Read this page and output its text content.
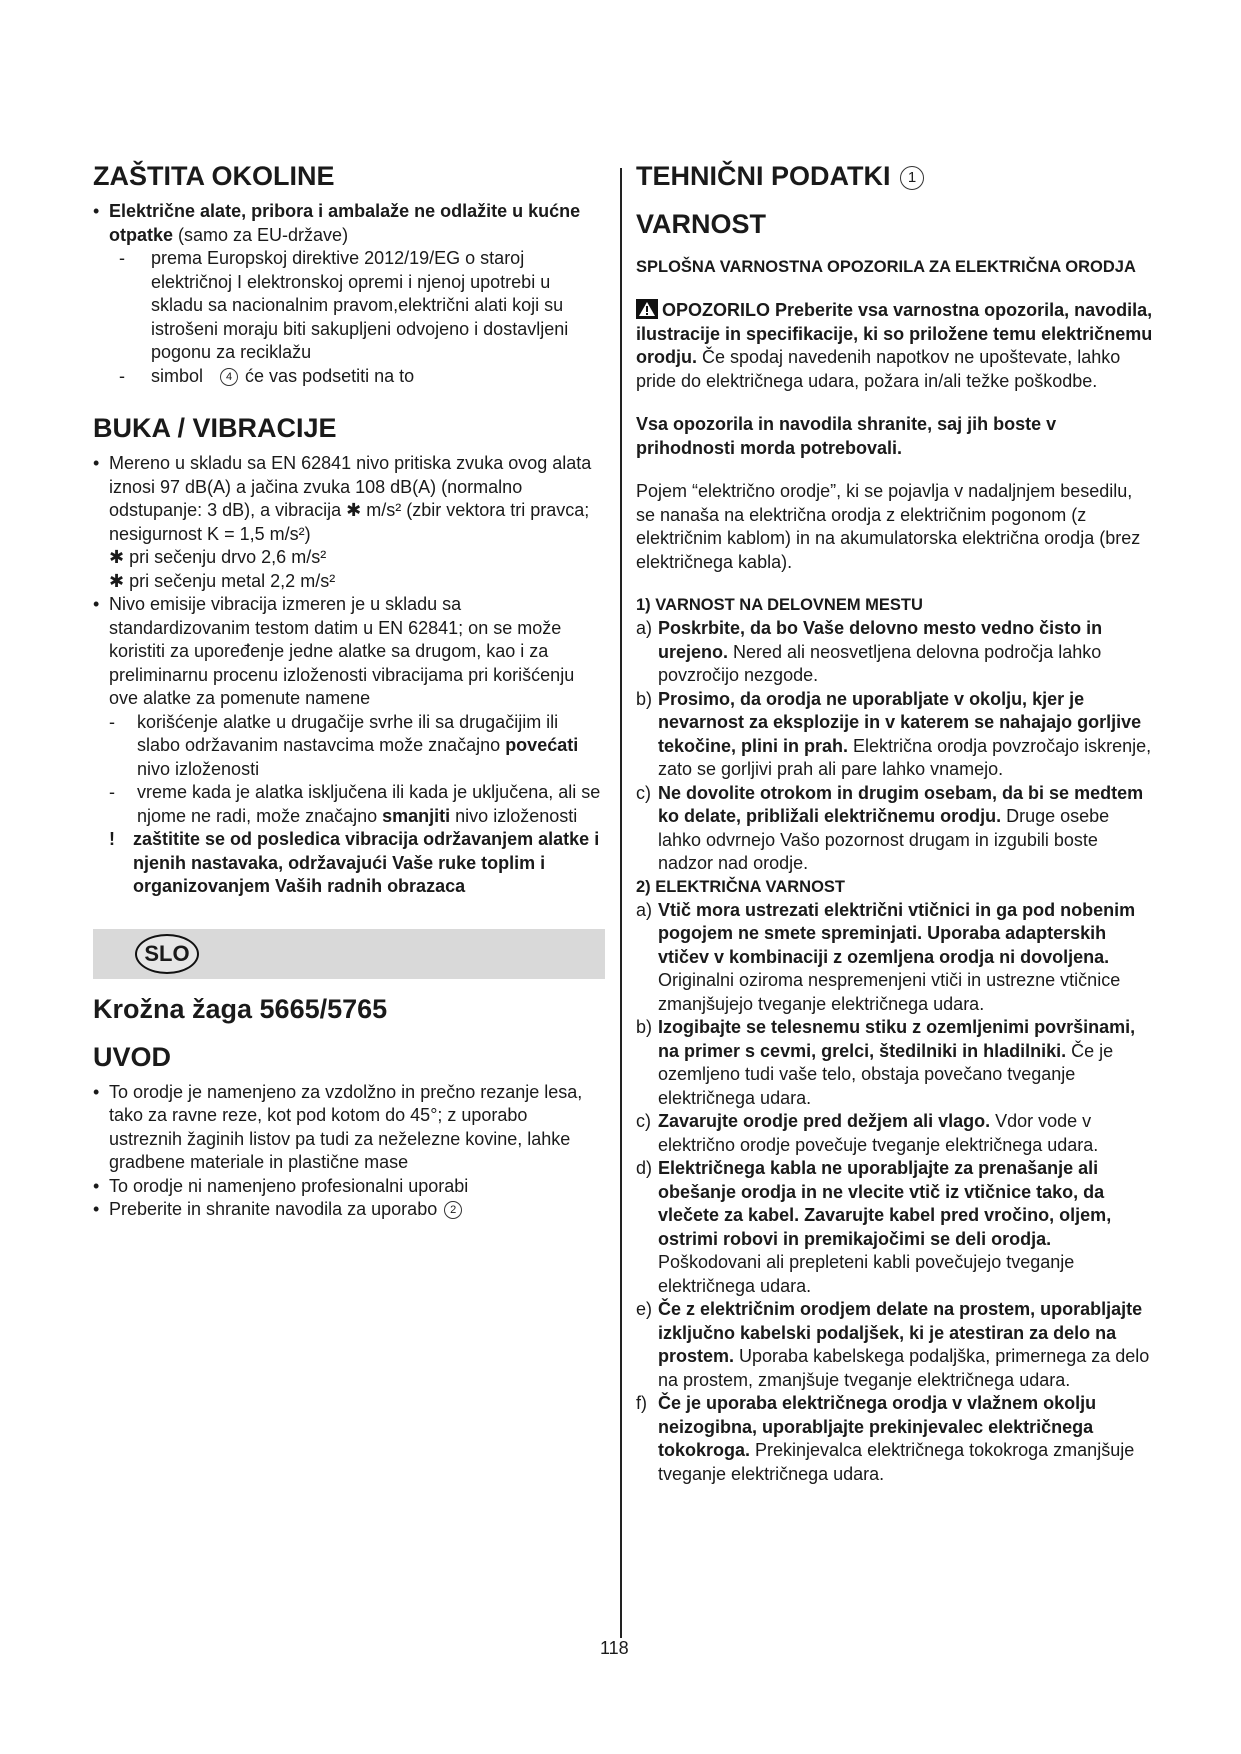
ZAŠTITA OKOLINE
• Električne alate, pribora i ambalaže ne odlažite u kućne otpatke (samo za EU-države)
- prema Europskoj direktive 2012/19/EG o staroj električnoj I elektronskoj opremi i njenoj upotrebi u skladu sa nacionalnim pravom,električni alati koji su istrošeni moraju biti sakupljeni odvojeno i dostavljeni pogonu za reciklažu
- simbol 4 će vas podsetiti na to
BUKA / VIBRACIJE
• Mereno u skladu sa EN 62841 nivo pritiska zvuka ovog alata iznosi 97 dB(A) a jačina zvuka 108 dB(A) (normalno odstupanje: 3 dB), a vibracija ✱ m/s² (zbir vektora tri pravca; nesigurnost K = 1,5 m/s²)
✱ pri sečenju drvo 2,6 m/s²
✱ pri sečenju metal 2,2 m/s²
• Nivo emisije vibracija izmeren je u skladu sa standardizovanim testom datim u EN 62841; on se može koristiti za upoređenje jedne alatke sa drugom, kao i za preliminarnu procenu izloženosti vibracijama pri korišćenju ove alatke za pomenute namene
- korišćenje alatke u drugačije svrhe ili sa drugačijim ili slabo održavanim nastavcima može značajno povećati nivo izloženosti
- vreme kada je alatka isključena ili kada je uključena, ali se njome ne radi, može značajno smanjiti nivo izloženosti
! zaštitite se od posledica vibracija održavanjem alatke i njenih nastavaka, održavajući Vaše ruke toplim i organizovanjem Vaših radnih obrazaca
SLO
Krožna žaga 5665/5765
UVOD
• To orodje je namenjeno za vzdolžno in prečno rezanje lesa, tako za ravne reze, kot pod kotom do 45°; z uporabo ustreznih žaginih listov pa tudi za neželezne kovine, lahke gradbene materiale in plastične mase
• To orodje ni namenjeno profesionalni uporabi
• Preberite in shranite navodila za uporabo 2
TEHNIČNI PODATKI 1
VARNOST
SPLOŠNA VARNOSTNA OPOZORILA ZA ELEKTRIČNA ORODJA

OPOZORILO Preberite vsa varnostna opozorila, navodila, ilustracije in specifikacije, ki so priložene temu električnemu orodju. Če spodaj navedenih napotkov ne upoštevate, lahko pride do električnega udara, požara in/ali težke poškodbe.

Vsa opozorila in navodila shranite, saj jih boste v prihodnosti morda potrebovali.

Pojem “električno orodje”, ki se pojavlja v nadaljnjem besedilu, se nanaša na električna orodja z električnim pogonom (z električnim kablom) in na akumulatorska električna orodja (brez električnega kabla).

1) VARNOST NA DELOVNEM MESTU
a) Poskrbite, da bo Vaše delovno mesto vedno čisto in urejeno. Nered ali neosvetljena delovna področja lahko povzročijo nezgode.
b) Prosimo, da orodja ne uporabljate v okolju, kjer je nevarnost za eksplozije in v katerem se nahajajo gorljive tekočine, plini in prah. Električna orodja povzročajo iskrenje, zato se gorljivi prah ali pare lahko vnamejo.
c) Ne dovolite otrokom in drugim osebam, da bi se medtem ko delate, približali električnemu orodju. Druge osebe lahko odvrnejo Vašo pozornost drugam in izgubili boste nadzor nad orodje.
2) ELEKTRIČNA VARNOST
a) Vtič mora ustrezati električni vtičnici in ga pod nobenim pogojem ne smete spreminjati. Uporaba adapterskih vtičev v kombinaciji z ozemljena orodja ni dovoljena. Originalni oziroma nespremenjeni vtiči in ustrezne vtičnice zmanjšujejo tveganje električnega udara.
b) Izogibajte se telesnemu stiku z ozemljenimi površinami, na primer s cevmi, grelci, štedilniki in hladilniki. Če je ozemljeno tudi vaše telo, obstaja povečano tveganje električnega udara.
c) Zavarujte orodje pred dežjem ali vlago. Vdor vode v električno orodje povečuje tveganje električnega udara.
d) Električnega kabla ne uporabljajte za prenašanje ali obešanje orodja in ne vlecite vtič iz vtičnice tako, da vlečete za kabel. Zavarujte kabel pred vročino, oljem, ostrimi robovi in premikajočimi se deli orodja. Poškodovani ali prepleteni kabli povečujejo tveganje električnega udara.
e) Če z električnim orodjem delate na prostem, uporabljajte izključno kabelski podaljšek, ki je atestiran za delo na prostem. Uporaba kabelskega podaljška, primernega za delo na prostem, zmanjšuje tveganje električnega udara.
f) Če je uporaba električnega orodja v vlažnem okolju neizogibna, uporabljajte prekinjevalec električnega tokokroga. Prekinjevalca električnega tokokroga zmanjšuje tveganje električnega udara.
118
